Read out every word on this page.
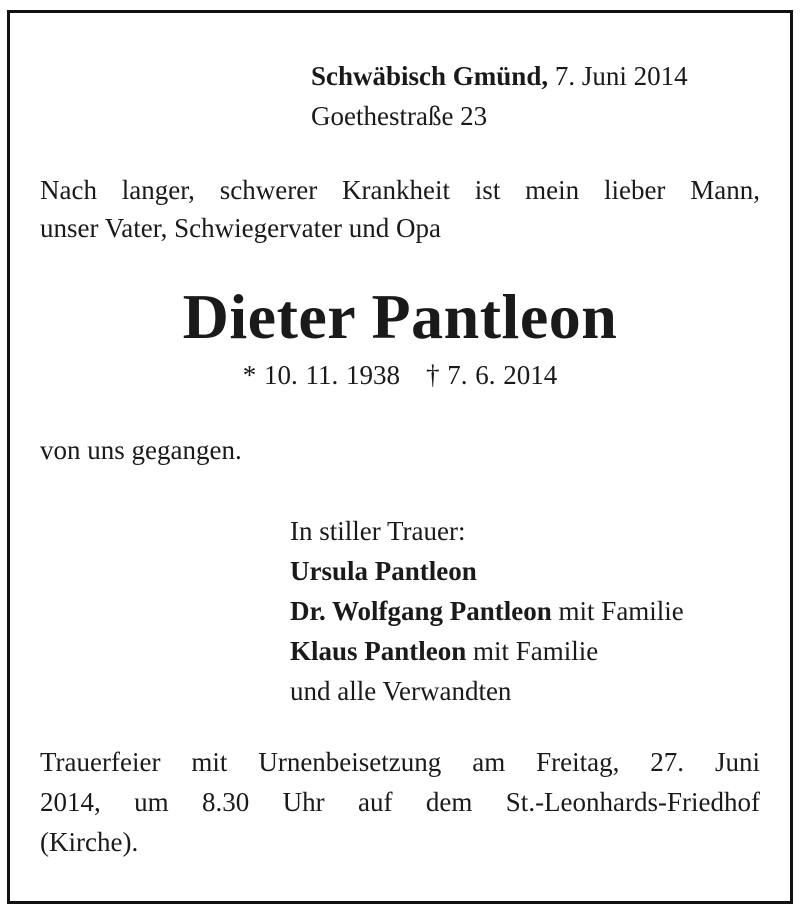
Schwäbisch Gmünd, 7. Juni 2014
Goethestraße 23
Nach langer, schwerer Krankheit ist mein lieber Mann,
unser Vater, Schwiegervater und Opa
Dieter Pantleon
* 10. 11. 1938 † 7. 6. 2014
von uns gegangen.
In stiller Trauer:
Ursula Pantleon
Dr. Wolfgang Pantleon mit Familie
Klaus Pantleon mit Familie
und alle Verwandten
Trauerfeier mit Urnenbeisetzung am Freitag, 27. Juni
2014, um 8.30 Uhr auf dem St.-Leonhards-Friedhof
(Kirche).
